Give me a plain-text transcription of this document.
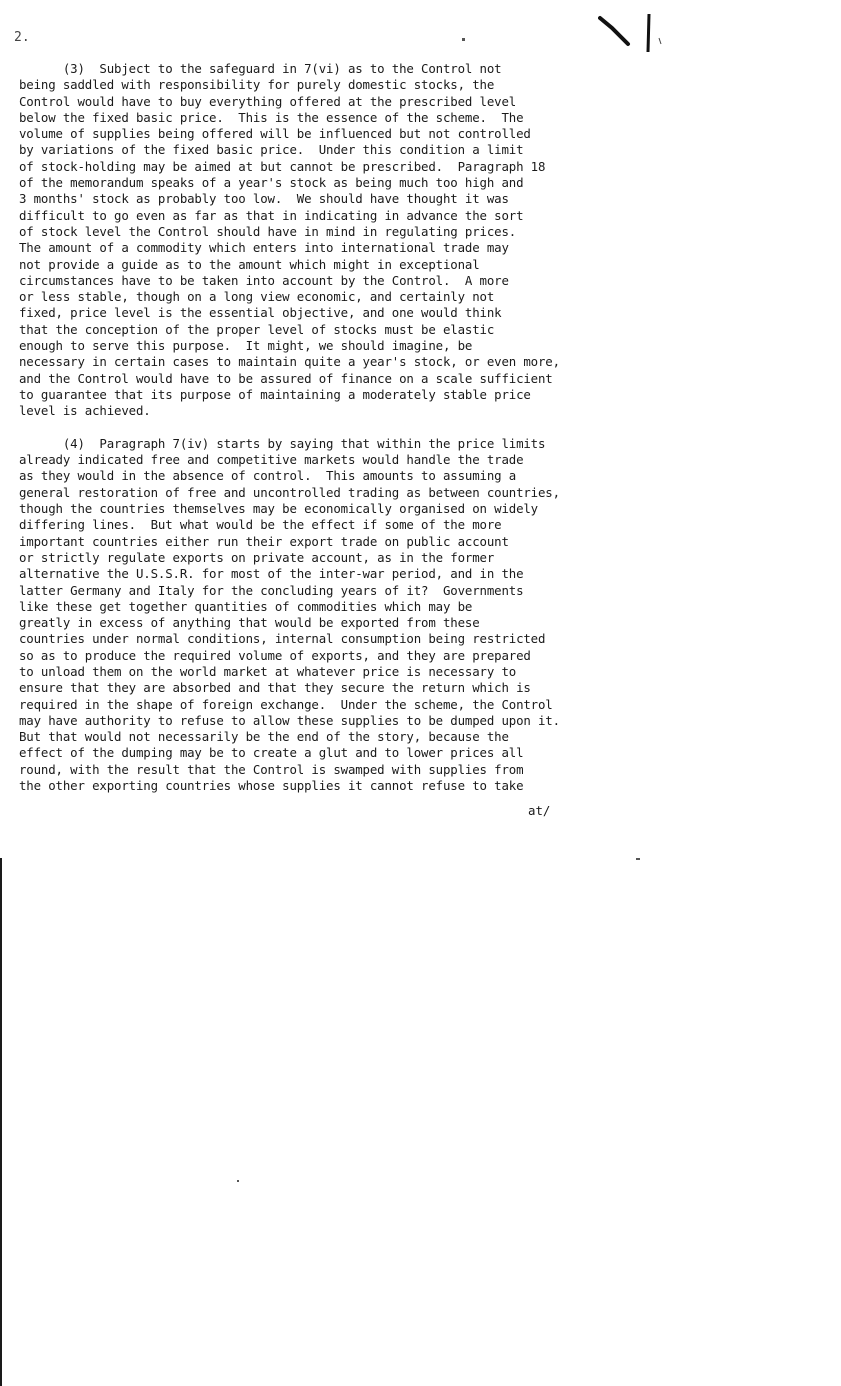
2.

(3)  Subject to the safeguard in 7(vi) as to the Control not
being saddled with responsibility for purely domestic stocks, the
Control would have to buy everything offered at the prescribed level
below the fixed basic price.  This is the essence of the scheme.  The
volume of supplies being offered will be influenced but not controlled
by variations of the fixed basic price.  Under this condition a limit
of stock-holding may be aimed at but cannot be prescribed.  Paragraph 18
of the memorandum speaks of a year's stock as being much too high and
3 months' stock as probably too low.  We should have thought it was
difficult to go even as far as that in indicating in advance the sort
of stock level the Control should have in mind in regulating prices.
The amount of a commodity which enters into international trade may
not provide a guide as to the amount which might in exceptional
circumstances have to be taken into account by the Control.  A more
or less stable, though on a long view economic, and certainly not
fixed, price level is the essential objective, and one would think
that the conception of the proper level of stocks must be elastic
enough to serve this purpose.  It might, we should imagine, be
necessary in certain cases to maintain quite a year's stock, or even more,
and the Control would have to be assured of finance on a scale sufficient
to guarantee that its purpose of maintaining a moderately stable price
level is achieved.

(4)  Paragraph 7(iv) starts by saying that within the price limits
already indicated free and competitive markets would handle the trade
as they would in the absence of control.  This amounts to assuming a
general restoration of free and uncontrolled trading as between countries,
though the countries themselves may be economically organised on widely
differing lines.  But what would be the effect if some of the more
important countries either run their export trade on public account
or strictly regulate exports on private account, as in the former
alternative the U.S.S.R. for most of the inter-war period, and in the
latter Germany and Italy for the concluding years of it?  Governments
like these get together quantities of commodities which may be
greatly in excess of anything that would be exported from these
countries under normal conditions, internal consumption being restricted
so as to produce the required volume of exports, and they are prepared
to unload them on the world market at whatever price is necessary to
ensure that they are absorbed and that they secure the return which is
required in the shape of foreign exchange.  Under the scheme, the Control
may have authority to refuse to allow these supplies to be dumped upon it.
But that would not necessarily be the end of the story, because the
effect of the dumping may be to create a glut and to lower prices all
round, with the result that the Control is swamped with supplies from
the other exporting countries whose supplies it cannot refuse to take

at/
